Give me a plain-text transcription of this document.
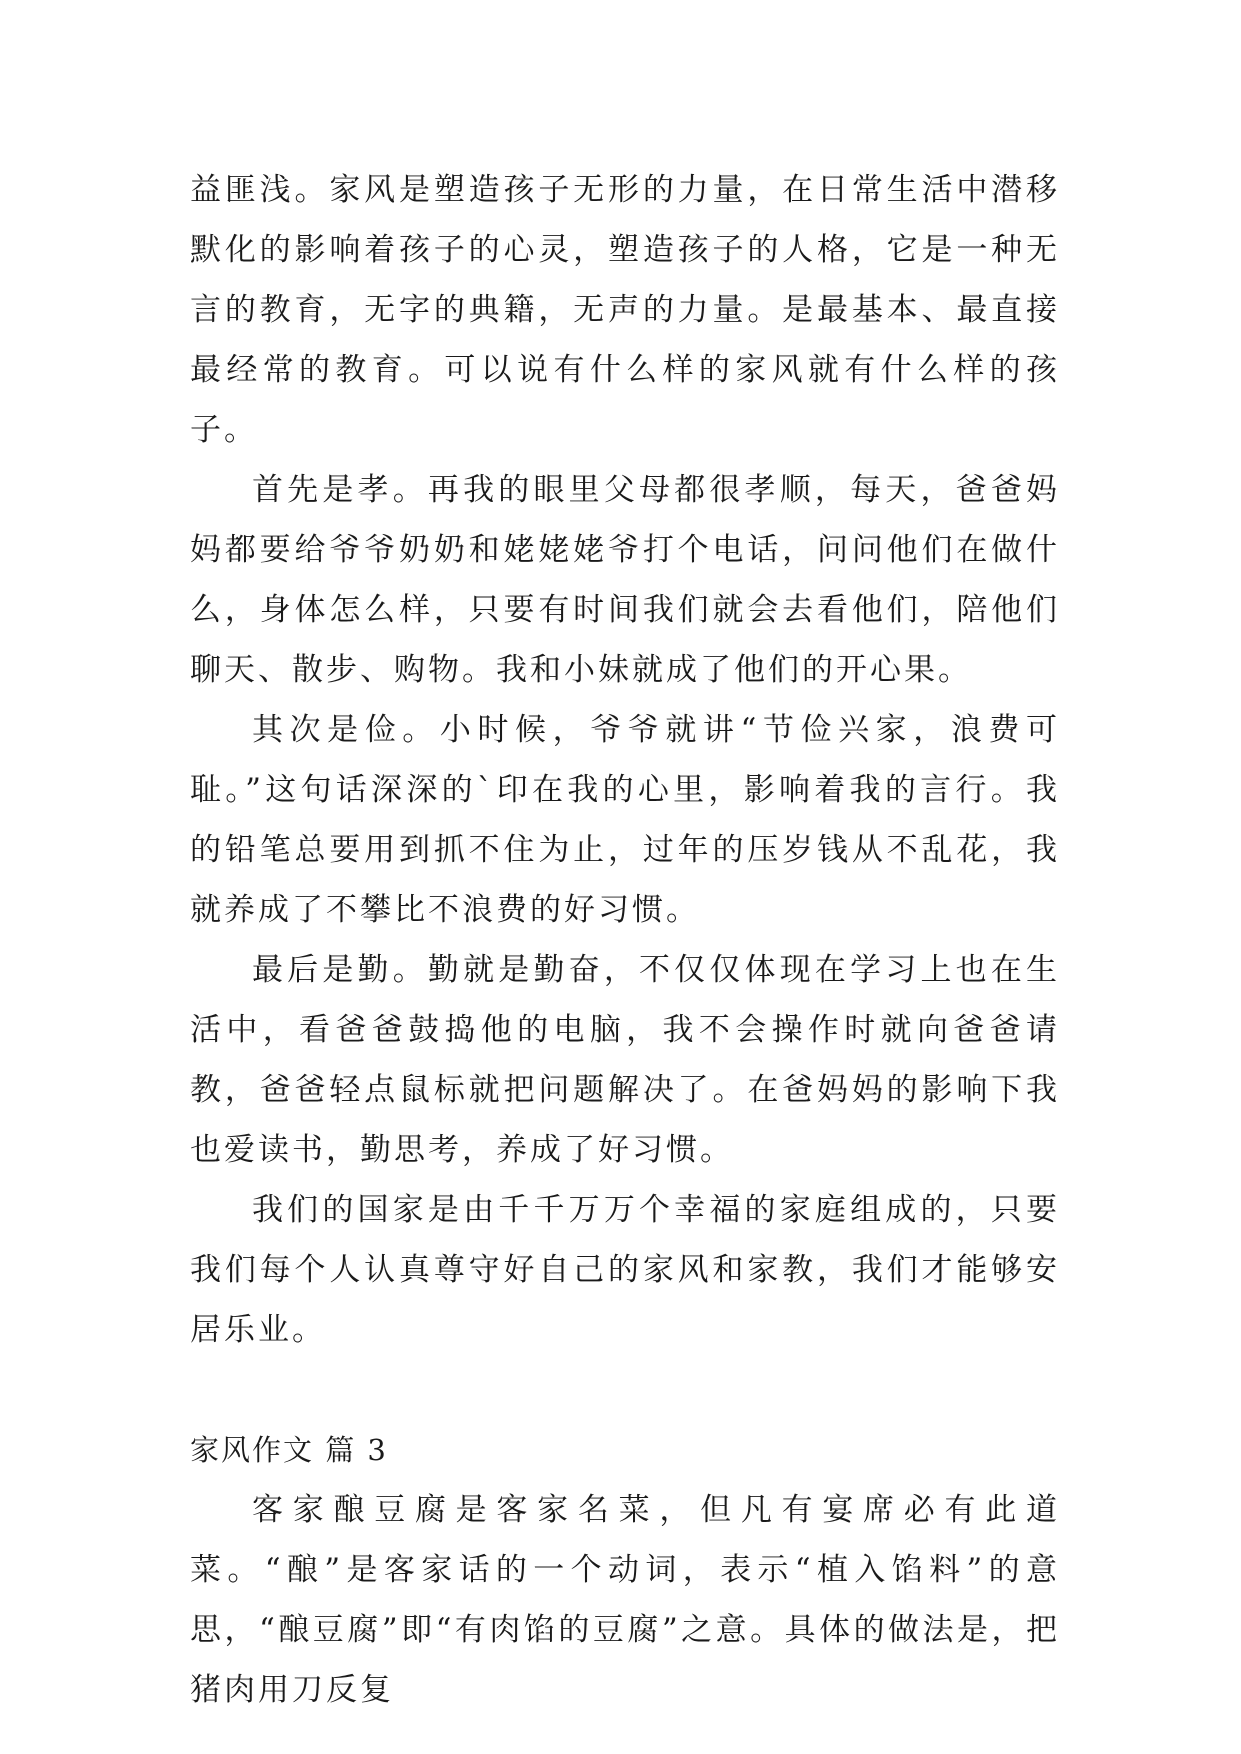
益匪浅。家风是塑造孩子无形的力量，在日常生活中潜移默化的影响着孩子的心灵，塑造孩子的人格，它是一种无言的教育，无字的典籍，无声的力量。是最基本、最直接最经常的教育。可以说有什么样的家风就有什么样的孩子。

首先是孝。再我的眼里父母都很孝顺，每天，爸爸妈妈都要给爷爷奶奶和姥姥姥爷打个电话，问问他们在做什么，身体怎么样，只要有时间我们就会去看他们，陪他们聊天、散步、购物。我和小妹就成了他们的开心果。

其次是俭。小时候，爷爷就讲“节俭兴家，浪费可耻。”这句话深深的`印在我的心里，影响着我的言行。我的铅笔总要用到抓不住为止，过年的压岁钱从不乱花，我就养成了不攀比不浪费的好习惯。

最后是勤。勤就是勤奋，不仅仅体现在学习上也在生活中，看爸爸鼓捣他的电脑，我不会操作时就向爸爸请教，爸爸轻点鼠标就把问题解决了。在爸妈妈的影响下我也爱读书，勤思考，养成了好习惯。

我们的国家是由千千万万个幸福的家庭组成的，只要我们每个人认真尊守好自己的家风和家教，我们才能够安居乐业。

家风作文 篇 3

客家酿豆腐是客家名菜，但凡有宴席必有此道菜。“酿”是客家话的一个动词，表示“植入馅料”的意思，“酿豆腐”即“有肉馅的豆腐”之意。具体的做法是，把猪肉用刀反复
